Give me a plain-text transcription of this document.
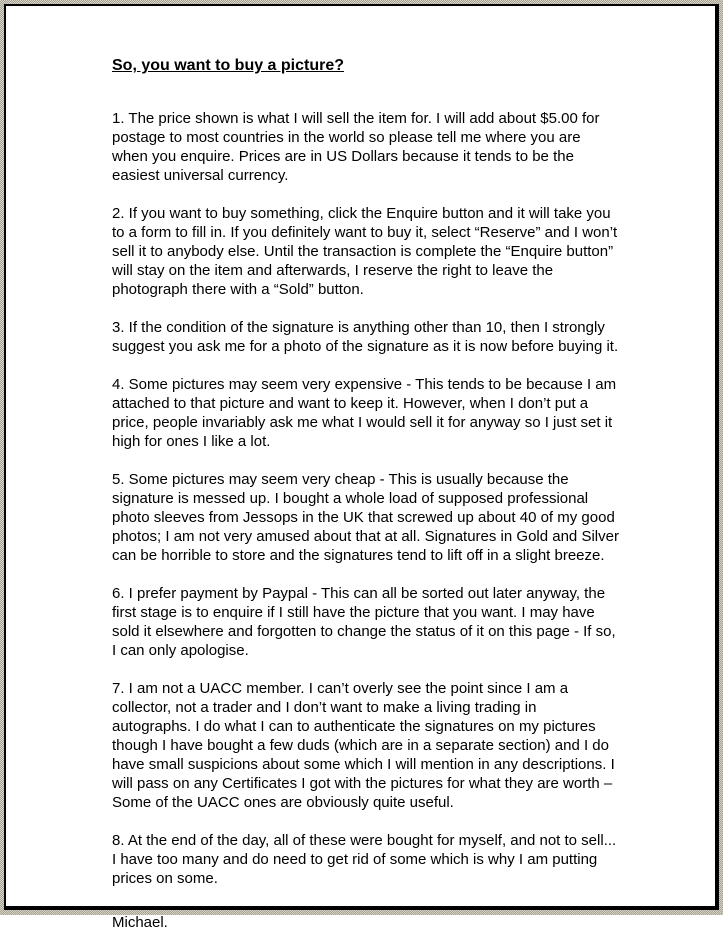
So, you want to buy a picture?

1. The price shown is what I will sell the item for. I will add about $5.00 for postage to most countries in the world so please tell me where you are when you enquire. Prices are in US Dollars because it tends to be the easiest universal currency.

2. If you want to buy something, click the Enquire button and it will take you to a form to fill in. If you definitely want to buy it, select “Reserve” and I won’t sell it to anybody else. Until the transaction is complete the “Enquire button” will stay on the item and afterwards, I reserve the right to leave the photograph there with a “Sold” button.

3. If the condition of the signature is anything other than 10, then I strongly suggest you ask me for a photo of the signature as it is now before buying it.

4. Some pictures may seem very expensive - This tends to be because I am attached to that picture and want to keep it. However, when I don’t put a price, people invariably ask me what I would sell it for anyway so I just set it high for ones I like a lot.

5. Some pictures may seem very cheap - This is usually because the signature is messed up. I bought a whole load of supposed professional photo sleeves from Jessops in the UK that screwed up about 40 of my good photos; I am not very amused about that at all. Signatures in Gold and Silver can be horrible to store and the signatures tend to lift off in a slight breeze.

6. I prefer payment by Paypal - This can all be sorted out later anyway, the first stage is to enquire if I still have the picture that you want. I may have sold it elsewhere and forgotten to change the status of it on this page - If so, I can only apologise.

7. I am not a UACC member. I can’t overly see the point since I am a collector, not a trader and I don’t want to make a living trading in autographs. I do what I can to authenticate the signatures on my pictures though I have bought a few duds (which are in a separate section) and I do have small suspicions about some which I will mention in any descriptions. I will pass on any Certificates I got with the pictures for what they are worth – Some of the UACC ones are obviously quite useful.

8. At the end of the day, all of these were bought for myself, and not to sell... I have too many and do need to get rid of some which is why I am putting prices on some.

Michael.
